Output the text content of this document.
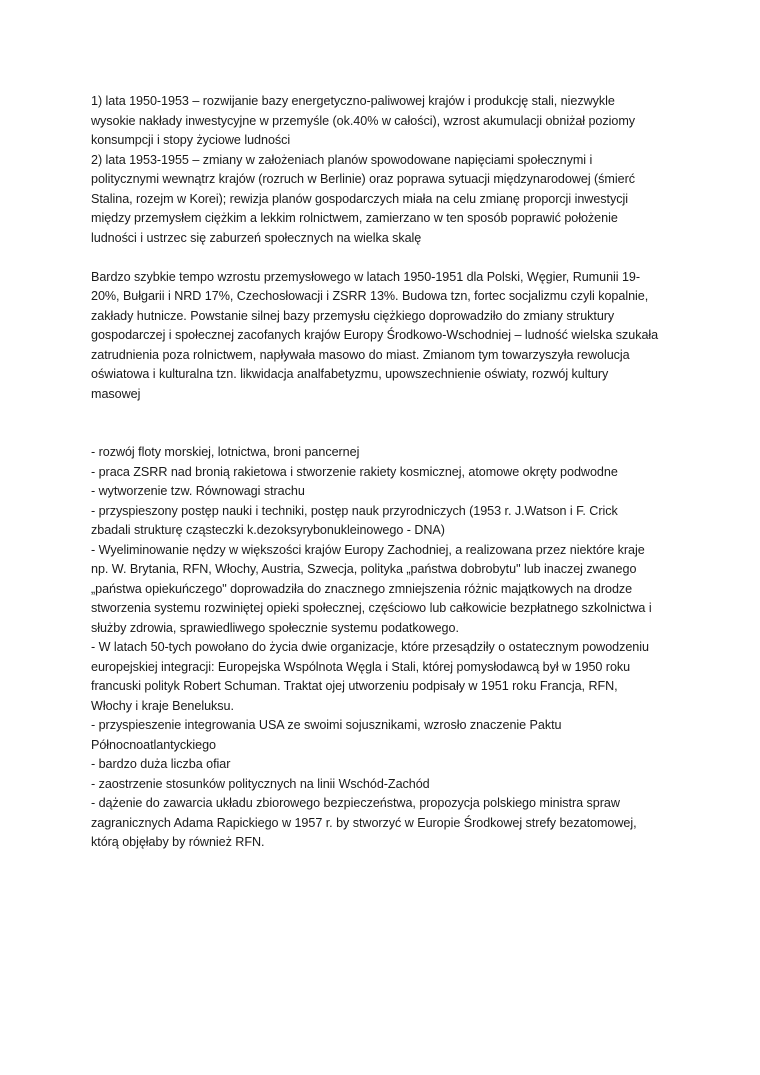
1) lata 1950-1953 – rozwijanie bazy energetyczno-paliwowej krajów i produkcję stali, niezwykle
wysokie nakłady inwestycyjne w przemyśle (ok.40% w całości), wzrost akumulacji obniżał poziomy
konsumpcji i stopy życiowe ludności
2) lata 1953-1955 – zmiany w założeniach planów spowodowane napięciami społecznymi i
politycznymi wewnątrz krajów (rozruch w Berlinie) oraz poprawa sytuacji międzynarodowej (śmierć
Stalina, rozejm w Korei); rewizja planów gospodarczych miała na celu zmianę proporcji inwestycji
między przemysłem ciężkim a lekkim rolnictwem, zamierzano w ten sposób poprawić położenie
ludności i ustrzec się zaburzeń społecznych na wielka skalę
Bardzo szybkie tempo wzrostu przemysłowego w latach 1950-1951 dla Polski, Węgier, Rumunii 19-
20%, Bułgarii i NRD 17%, Czechosłowacji i ZSRR 13%. Budowa tzn, fortec socjalizmu czyli kopalnie,
zakłady hutnicze. Powstanie silnej bazy przemysłu ciężkiego doprowadziło do zmiany struktury
gospodarczej i społecznej zacofanych krajów Europy Środkowo-Wschodniej – ludność wielska szukała
zatrudnienia poza rolnictwem, napływała masowo do miast. Zmianom tym towarzyszyła rewolucja
oświatowa i kulturalna tzn. likwidacja analfabetyzmu, upowszechnienie oświaty, rozwój kultury
masowej
- rozwój floty morskiej, lotnictwa, broni pancernej
- praca ZSRR nad bronią rakietowa i stworzenie rakiety kosmicznej, atomowe okręty podwodne
- wytworzenie tzw. Równowagi strachu
- przyspieszony postęp nauki i techniki, postęp nauk przyrodniczych (1953 r. J.Watson i F. Crick
zbadali strukturę cząsteczki k.dezoksyrybonukleinowego - DNA)
- Wyeliminowanie nędzy w większości krajów Europy Zachodniej, a realizowana przez niektóre kraje
np. W. Brytania, RFN, Włochy, Austria, Szwecja, polityka „państwa dobrobytu" lub inaczej zwanego
„państwa opiekuńczego" doprowadziła do znacznego zmniejszenia różnic majątkowych na drodze
stworzenia systemu rozwiniętej opieki społecznej, częściowo lub całkowicie bezpłatnego szkolnictwa i
służby zdrowia, sprawiedliwego społecznie systemu podatkowego.
- W latach 50-tych powołano do życia dwie organizacje, które przesądziły o ostatecznym powodzeniu
europejskiej integracji: Europejska Wspólnota Węgla i Stali, której pomysłodawcą był w 1950 roku
francuski polityk Robert Schuman. Traktat ojej utworzeniu podpisały w 1951 roku Francja, RFN,
Włochy i kraje Beneluksu.
- przyspieszenie integrowania USA ze swoimi sojusznikami, wzrosło znaczenie Paktu
Północnoatlantyckiego
- bardzo duża liczba ofiar
- zaostrzenie stosunków politycznych na linii Wschód-Zachód
- dążenie do zawarcia układu zbiorowego bezpieczeństwa, propozycja polskiego ministra spraw
zagranicznych Adama Rapickiego w 1957 r. by stworzyć w Europie Środkowej strefy bezatomowej,
którą objęłaby by również RFN.
